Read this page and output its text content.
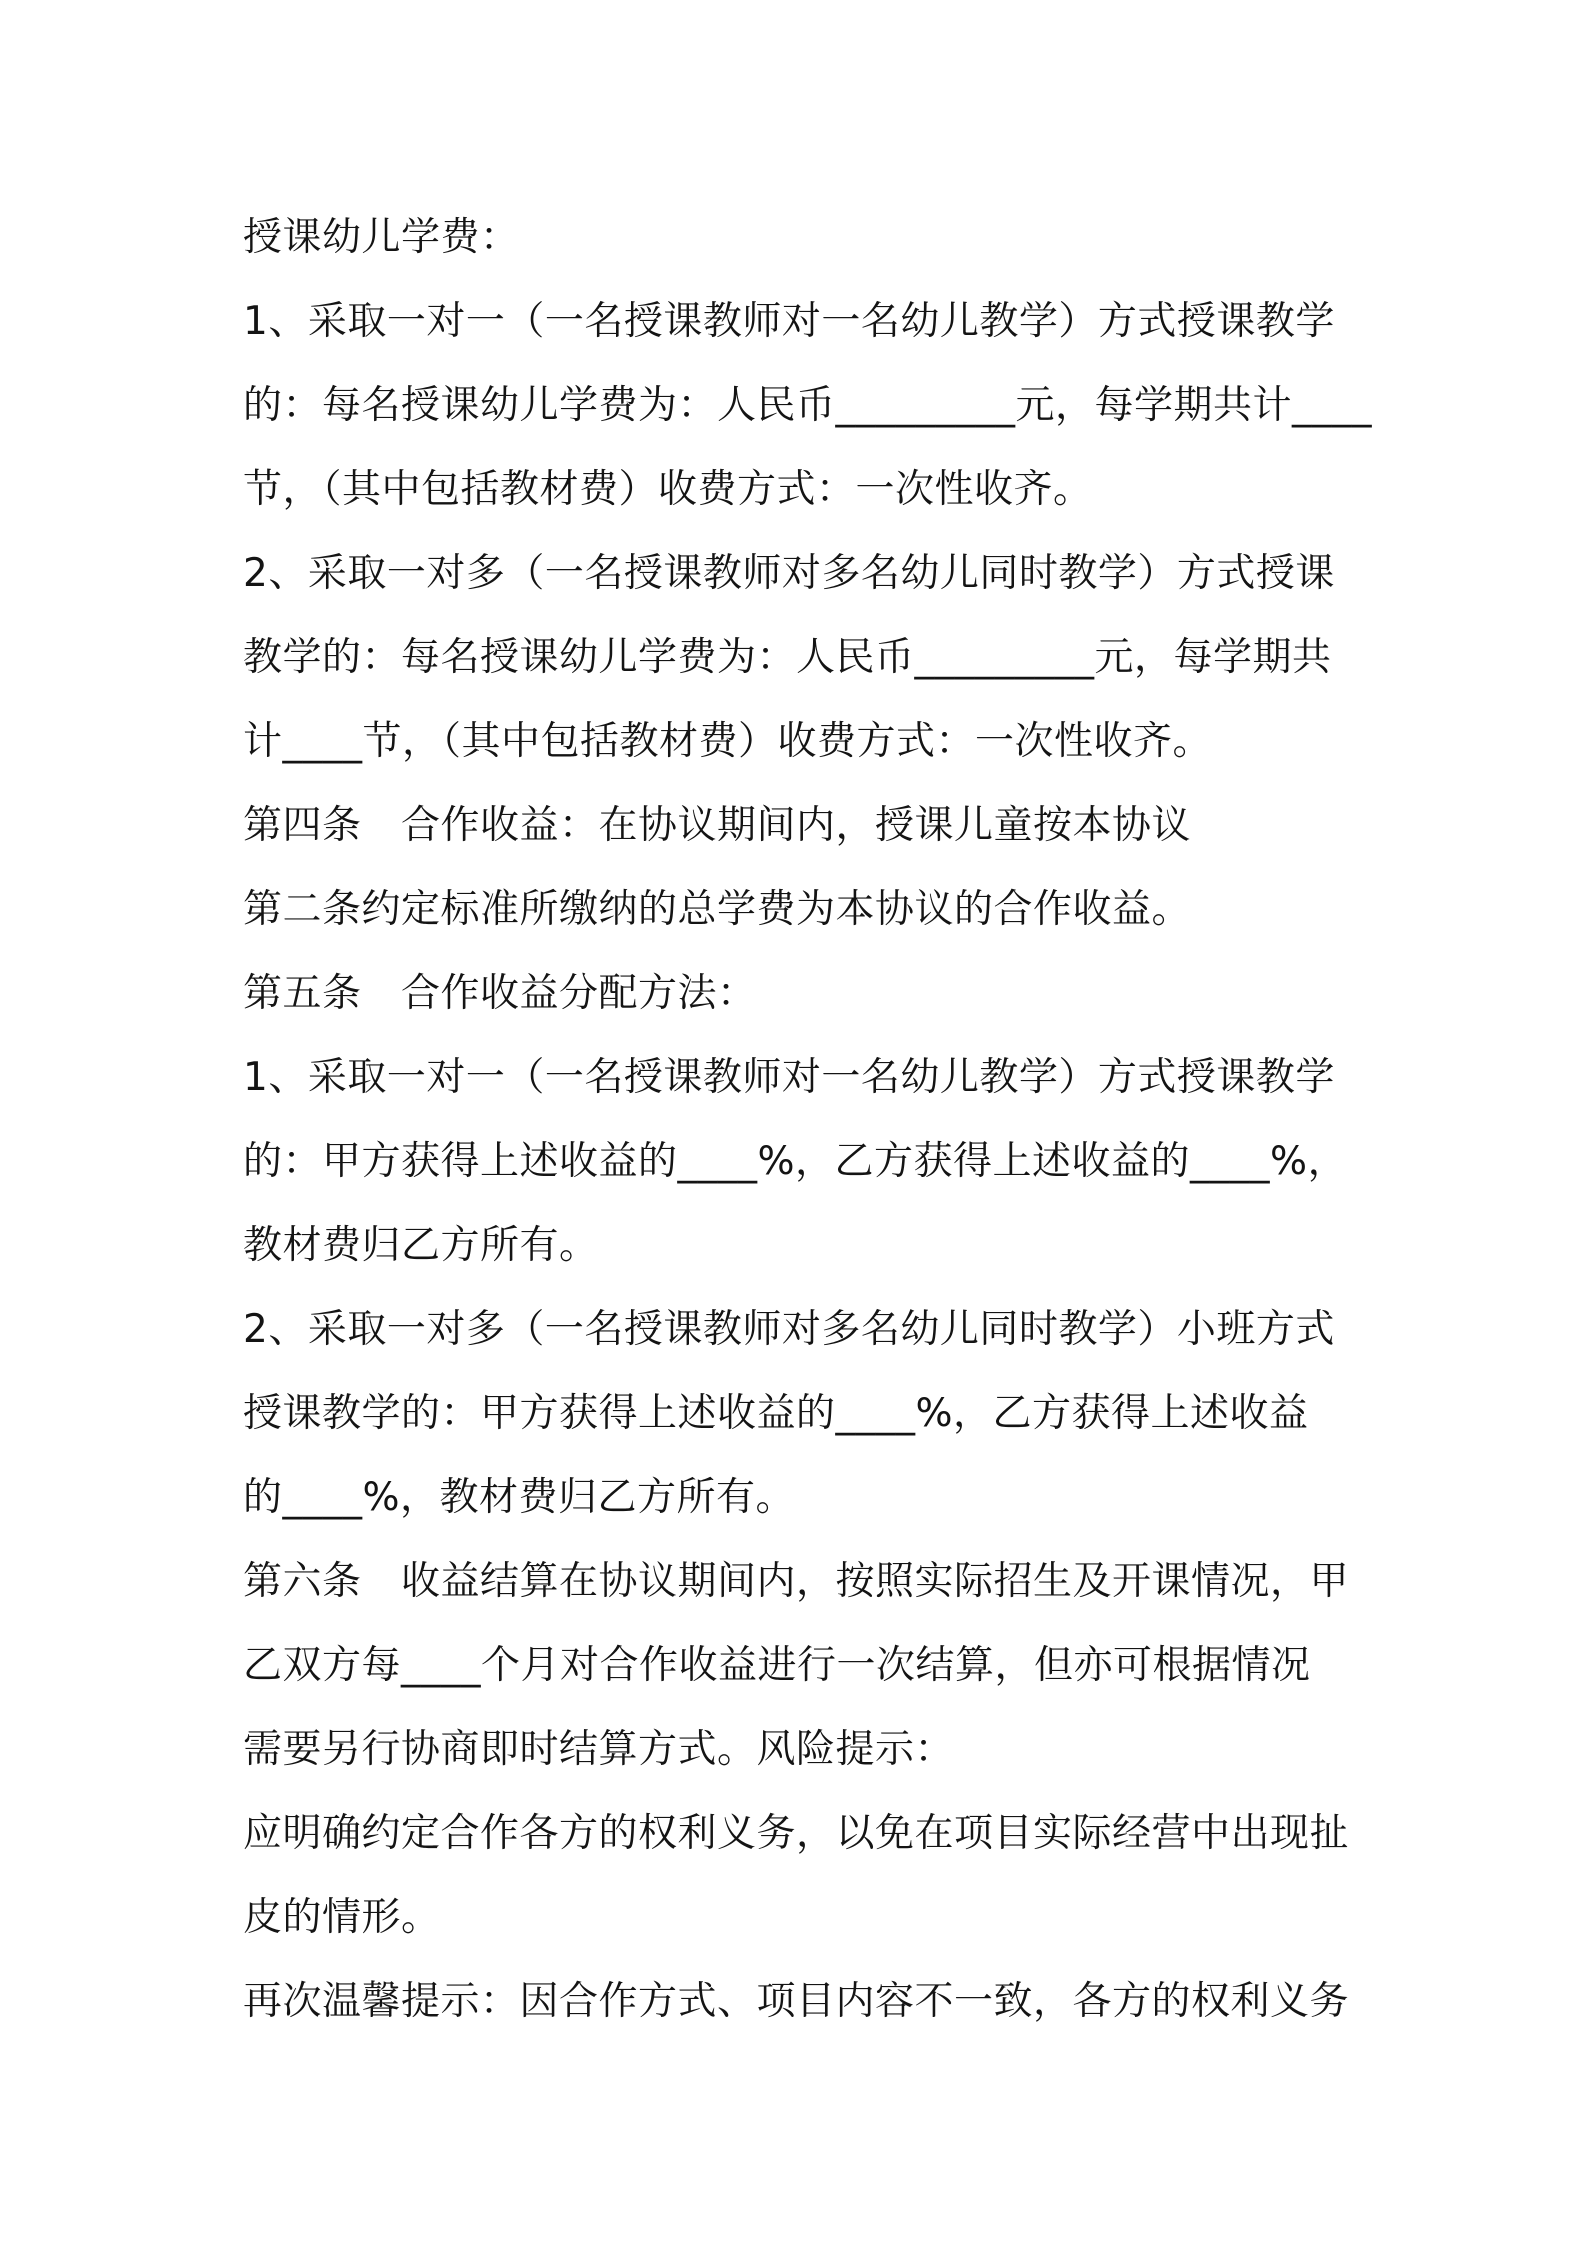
授课幼儿学费：
1、采取一对一（一名授课教师对一名幼儿教学）方式授课教学
的：每名授课幼儿学费为：人民币_________元，每学期共计____
节，（其中包括教材费）收费方式：一次性收齐。
2、采取一对多（一名授课教师对多名幼儿同时教学）方式授课
教学的：每名授课幼儿学费为：人民币_________元，每学期共
计____节，（其中包括教材费）收费方式：一次性收齐。
第四条　合作收益：在协议期间内，授课儿童按本协议
第二条约定标准所缴纳的总学费为本协议的合作收益。
第五条　合作收益分配方法：
1、采取一对一（一名授课教师对一名幼儿教学）方式授课教学
的：甲方获得上述收益的____%，乙方获得上述收益的____%，
教材费归乙方所有。
2、采取一对多（一名授课教师对多名幼儿同时教学）小班方式
授课教学的：甲方获得上述收益的____%，乙方获得上述收益
的____%，教材费归乙方所有。
第六条　收益结算在协议期间内，按照实际招生及开课情况，甲
乙双方每____个月对合作收益进行一次结算，但亦可根据情况
需要另行协商即时结算方式。风险提示：
应明确约定合作各方的权利义务，以免在项目实际经营中出现扯
皮的情形。
再次温馨提示：因合作方式、项目内容不一致，各方的权利义务
